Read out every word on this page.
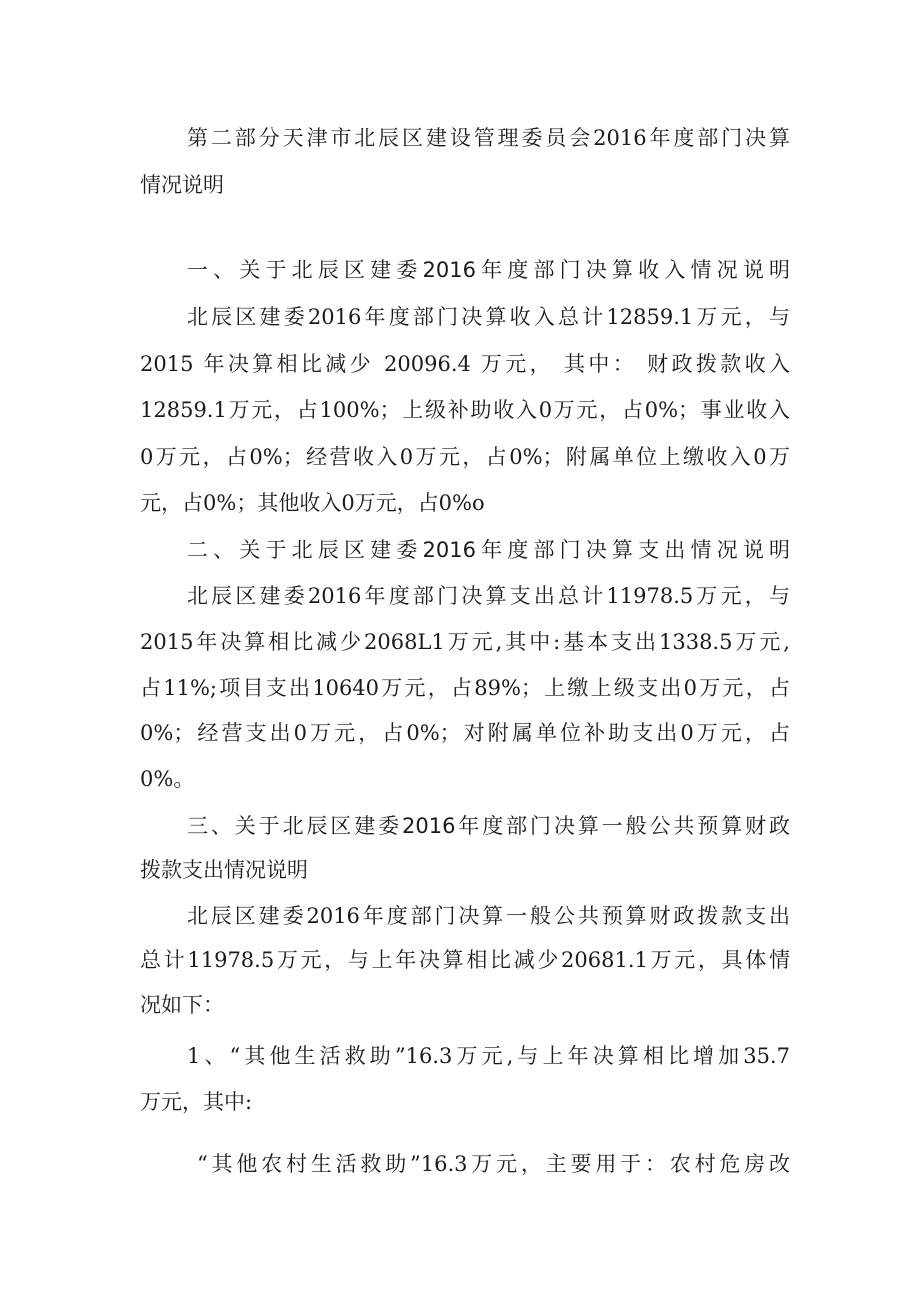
第二部分天津市北辰区建设管理委员会2016年度部门决算
情况说明
一、关于北辰区建委2016年度部门决算收入情况说明
北辰区建委2016年度部门决算收入总计12859.1万元，与
2015 年决算相比减少 20096.4 万元， 其中： 财政拨款收入
12859.1万元，占100%；上级补助收入0万元，占0%；事业收入
0万元，占0%；经营收入0万元，占0%；附属单位上缴收入0万
元，占0%；其他收入0万元，占0%o
二、关于北辰区建委2016年度部门决算支出情况说明
北辰区建委2016年度部门决算支出总计11978.5万元，与
2015年决算相比减少2068L1万元,其中:基本支出1338.5万元,
占11%;项目支出10640万元，占89%；上缴上级支出0万元，占
0%；经营支出0万元，占0%；对附属单位补助支出0万元，占
0%。
三、关于北辰区建委2016年度部门决算一般公共预算财政
拨款支出情况说明
北辰区建委2016年度部门决算一般公共预算财政拨款支出
总计11978.5万元，与上年决算相比减少20681.1万元，具体情
况如下：
1、“其他生活救助”16.3万元,与上年决算相比增加35.7
万元，其中:
“其他农村生活救助”16.3万元，主要用于：农村危房改
